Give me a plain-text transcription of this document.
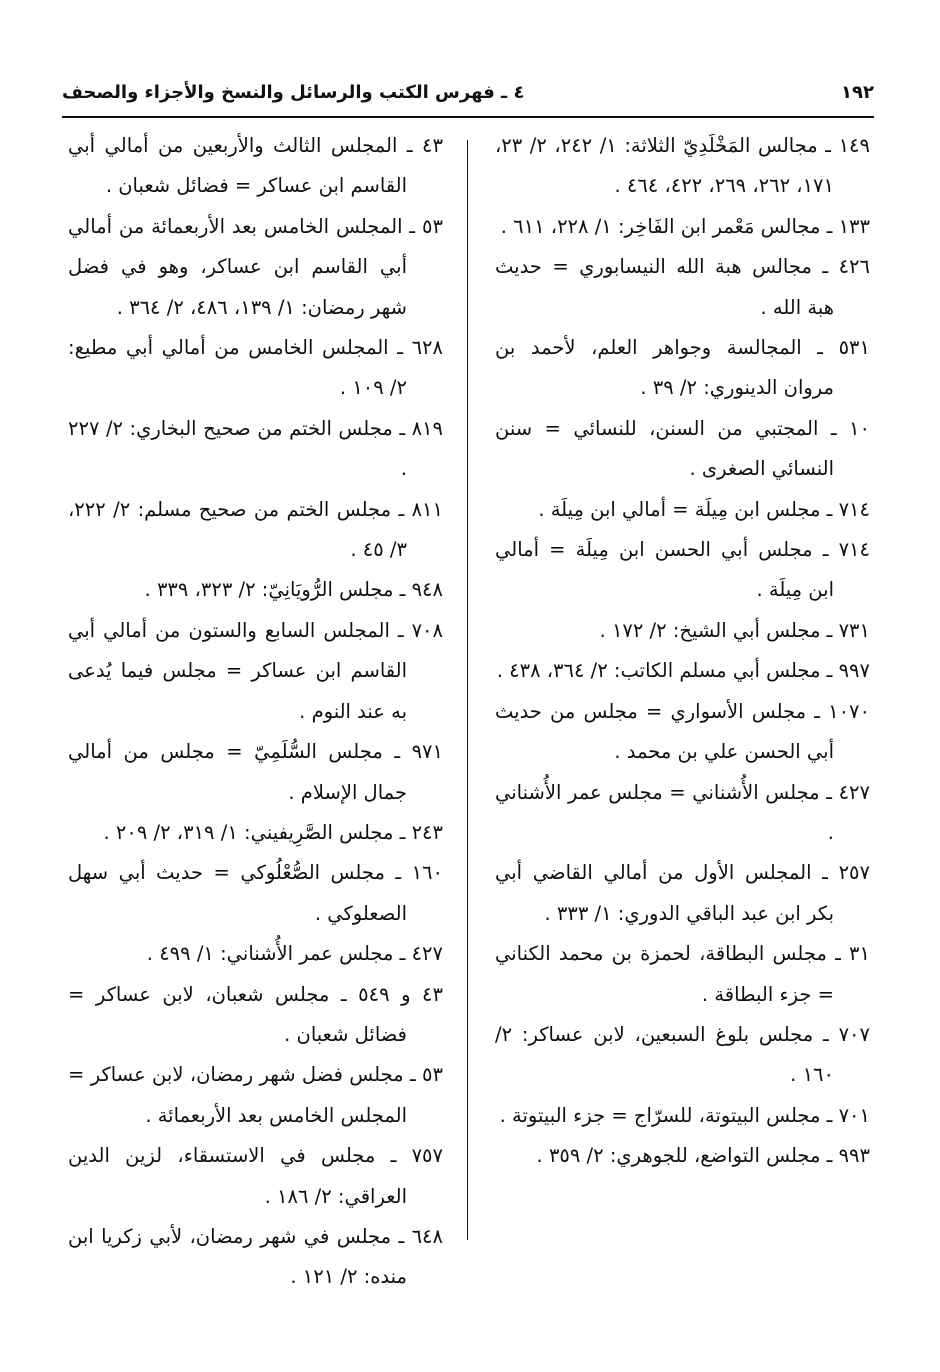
١٩٢
٤ ـ فهرس الكتب والرسائل والنسخ والأجزاء والصحف
١٤٩ ـ مجالس المَخْلَدِيّ الثلاثة: ١/ ٢٤٢، ٢/ ٢٣، ١٧١، ٢٦٢، ٢٦٩، ٤٢٢، ٤٦٤ .
١٣٣ ـ مجالس مَعْمر ابن الفَاخِر: ١/ ٢٢٨، ٦١١ .
٤٢٦ ـ مجالس هبة الله النيسابوري = حديث هبة الله .
٥٣١ ـ المجالسة وجواهر العلم، لأحمد بن مروان الدينوري: ٢/ ٣٩ .
١٠ ـ المجتبي من السنن، للنسائي = سنن النسائي الصغرى .
٧١٤ ـ مجلس ابن مِيلَة = أمالي ابن مِيلَة .
٧١٤ ـ مجلس أبي الحسن ابن مِيلَة = أمالي ابن مِيلَة .
٧٣١ ـ مجلس أبي الشيخ: ٢/ ١٧٢ .
٩٩٧ ـ مجلس أبي مسلم الكاتب: ٢/ ٣٦٤، ٤٣٨ .
١٠٧٠ ـ مجلس الأسواري = مجلس من حديث أبي الحسن علي بن محمد .
٤٢٧ ـ مجلس الأُشناني = مجلس عمر الأُشناني .
٢٥٧ ـ المجلس الأول من أمالي القاضي أبي بكر ابن عبد الباقي الدوري: ١/ ٣٣٣ .
٣١ ـ مجلس البطاقة، لحمزة بن محمد الكناني = جزء البطاقة .
٧٠٧ ـ مجلس بلوغ السبعين، لابن عساكر: ٢/ ١٦٠ .
٧٠١ ـ مجلس البيتوتة، للسرّاج = جزء البيتوتة .
٩٩٣ ـ مجلس التواضع، للجوهري: ٢/ ٣٥٩ .
٤٣ ـ المجلس الثالث والأربعين من أمالي أبي القاسم ابن عساكر = فضائل شعبان .
٥٣ ـ المجلس الخامس بعد الأربعمائة من أمالي أبي القاسم ابن عساكر، وهو في فضل شهر رمضان: ١/ ١٣٩، ٤٨٦، ٢/ ٣٦٤ .
٦٢٨ ـ المجلس الخامس من أمالي أبي مطيع: ٢/ ١٠٩ .
٨١٩ ـ مجلس الختم من صحيح البخاري: ٢/ ٢٢٧ .
٨١١ ـ مجلس الختم من صحيح مسلم: ٢/ ٢٢٢، ٣/ ٤٥ .
٩٤٨ ـ مجلس الرُّويَانِيّ: ٢/ ٣٢٣، ٣٣٩ .
٧٠٨ ـ المجلس السابع والستون من أمالي أبي القاسم ابن عساكر = مجلس فيما يُدعى به عند النوم .
٩٧١ ـ مجلس السُّلَمِيّ = مجلس من أمالي جمال الإسلام .
٢٤٣ ـ مجلس الصَّرِيفيني: ١/ ٣١٩، ٢/ ٢٠٩ .
١٦٠ ـ مجلس الصُّعْلُوكي = حديث أبي سهل الصعلوكي .
٤٢٧ ـ مجلس عمر الأُشناني: ١/ ٤٩٩ .
٤٣ و ٥٤٩ ـ مجلس شعبان، لابن عساكر = فضائل شعبان .
٥٣ ـ مجلس فضل شهر رمضان، لابن عساكر = المجلس الخامس بعد الأربعمائة .
٧٥٧ ـ مجلس في الاستسقاء، لزين الدين العراقي: ٢/ ١٨٦ .
٦٤٨ ـ مجلس في شهر رمضان، لأبي زكريا ابن منده: ٢/ ١٢١ .
